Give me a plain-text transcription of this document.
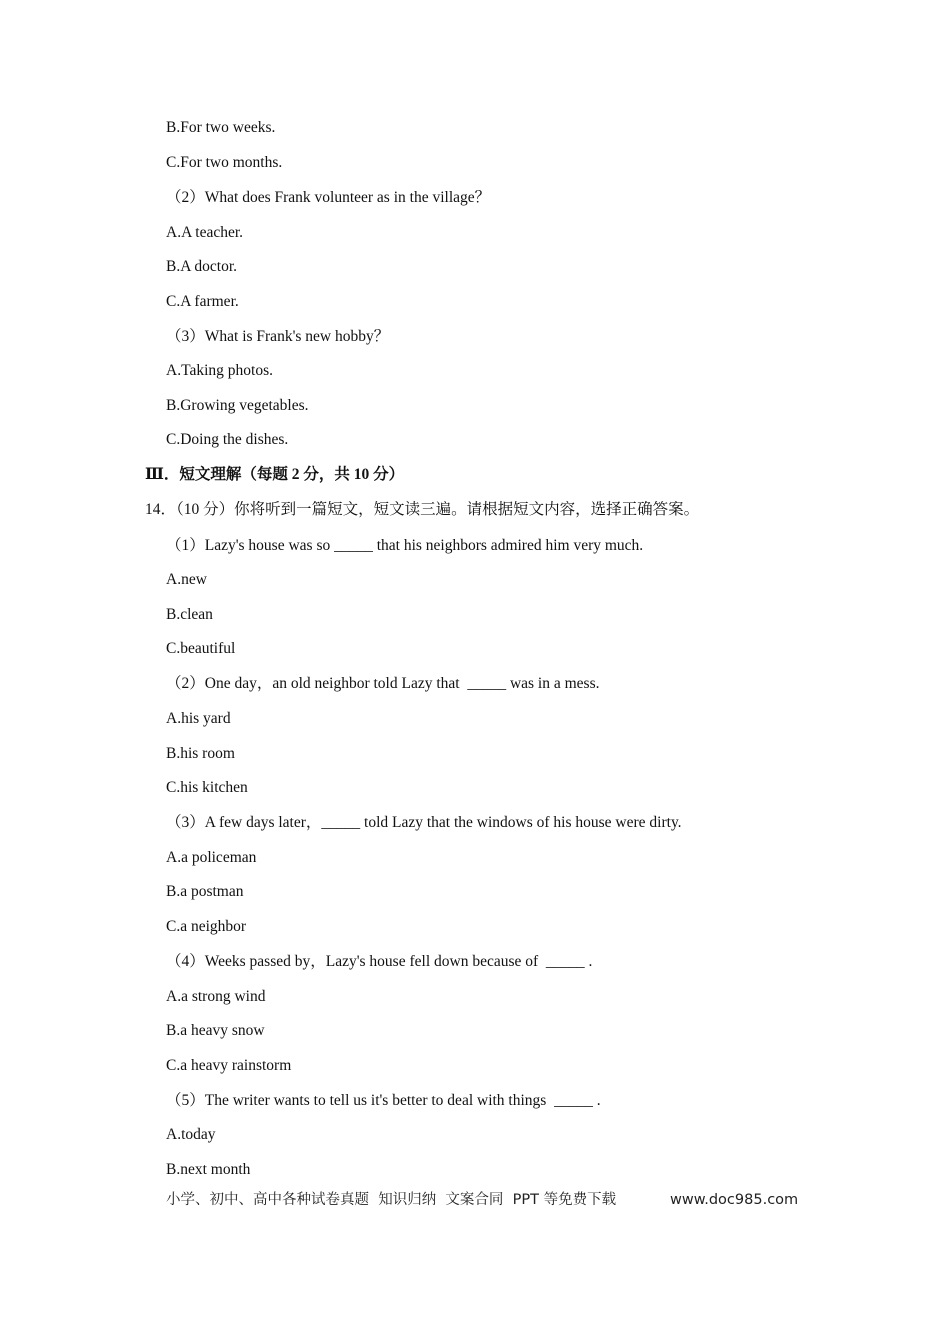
B.For two weeks.
C.For two months.
（2）What does Frank volunteer as in the village？
A.A teacher.
B.A doctor.
C.A farmer.
（3）What is Frank's new hobby？
A.Taking photos.
B.Growing vegetables.
C.Doing the dishes.
Ⅲ．短文理解（每题 2 分，共 10 分）
14．（10 分）你将听到一篇短文，短文读三遍。请根据短文内容，选择正确答案。
（1）Lazy's house was so _____ that his neighbors admired him very much.
A.new
B.clean
C.beautiful
（2）One day，an old neighbor told Lazy that  _____ was in a mess.
A.his yard
B.his room
C.his kitchen
（3）A few days later，_____ told Lazy that the windows of his house were dirty.
A.a policeman
B.a postman
C.a neighbor
（4）Weeks passed by，Lazy's house fell down because of  _____ .
A.a strong wind
B.a heavy snow
C.a heavy rainstorm
（5）The writer wants to tell us it's better to deal with things  _____ .
A.today
B.next month
小学、初中、高中各种试卷真题  知识归纳  文案合同  PPT 等免费下载	www.doc985.com
